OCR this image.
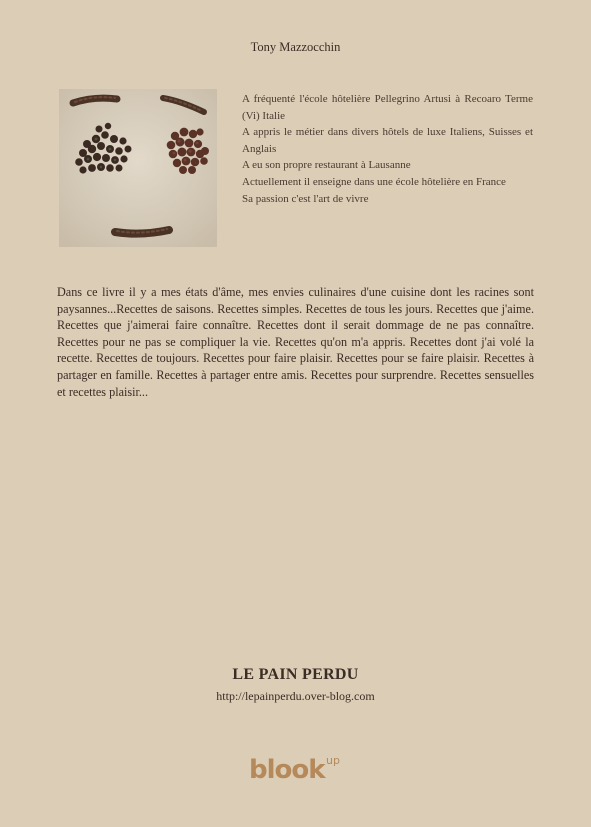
Tony Mazzocchin

A fréquenté l'école hôtelière Pellegrino Artusi à Recoaro Terme (Vi) Italie

A appris le métier dans divers hôtels de luxe Italiens, Suisses et Anglais

A eu son propre restaurant à Lausanne

Actuellement il enseigne dans une école hôtelière en France

Sa passion c'est l'art de vivre

Dans ce livre il y a mes états d'âme, mes envies culinaires d'une cuisine dont les racines sont paysannes...Recettes de saisons. Recettes simples. Recettes de tous les jours. Recettes que j'aime. Recettes que j'aimerai faire connaître. Recettes dont il serait dommage de ne pas connaître. Recettes pour ne pas se compliquer la vie. Recettes qu'on m'a appris. Recettes dont j'ai volé la recette. Recettes de toujours. Recettes pour faire plaisir. Recettes pour se faire plaisir. Recettes à partager en famille. Recettes à partager entre amis. Recettes pour surprendre. Recettes sensuelles et recettes plaisir...

LE PAIN PERDU
http://lepainperdu.over-blog.com
blook up
